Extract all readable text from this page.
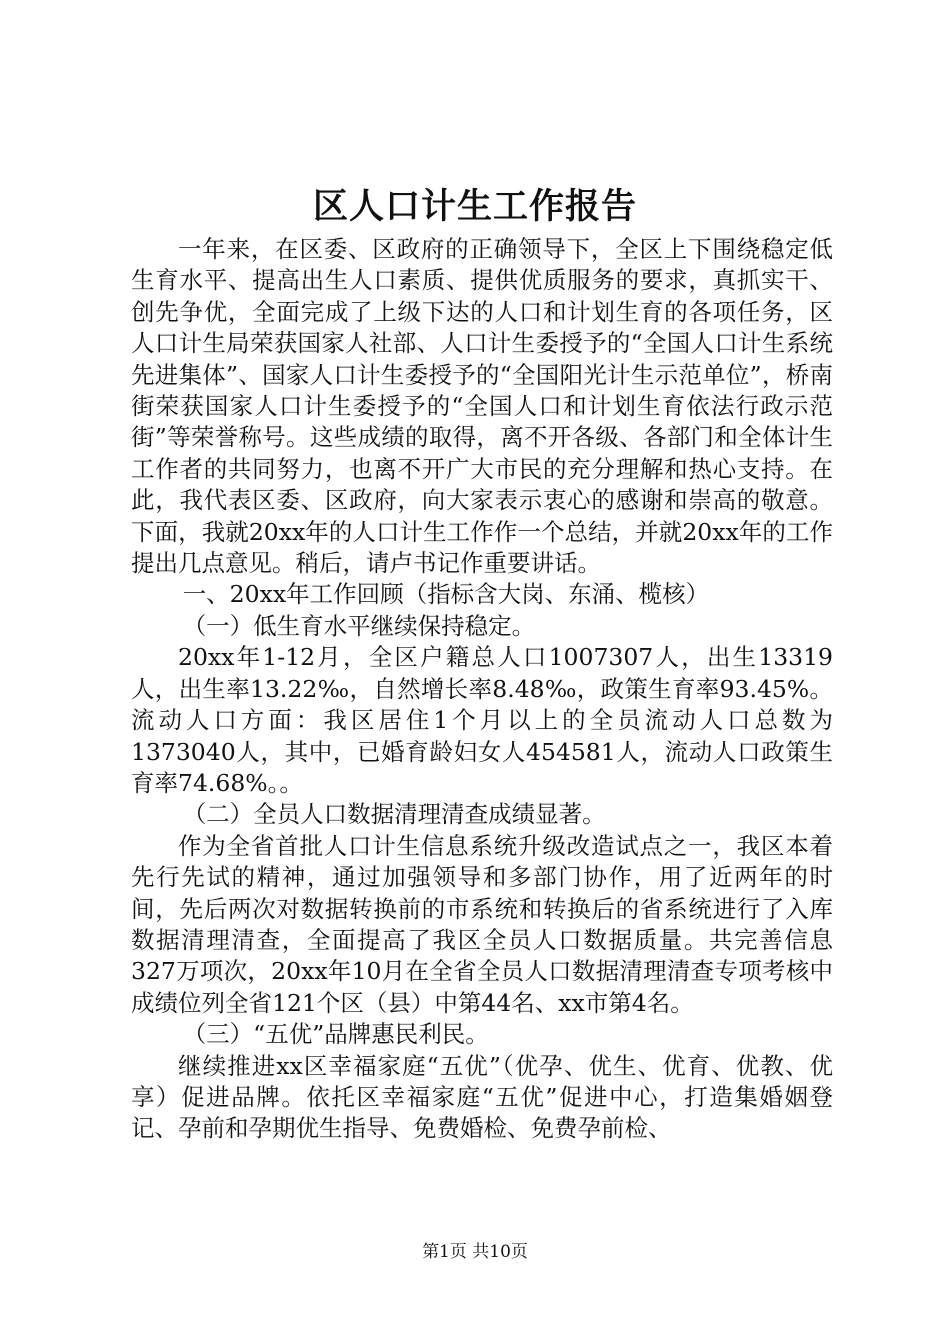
区人口计生工作报告

一年来，在区委、区政府的正确领导下，全区上下围绕稳定低生育水平、提高出生人口素质、提供优质服务的要求，真抓实干、创先争优，全面完成了上级下达的人口和计划生育的各项任务，区人口计生局荣获国家人社部、人口计生委授予的“全国人口计生系统先进集体”、国家人口计生委授予的“全国阳光计生示范单位”，桥南街荣获国家人口计生委授予的“全国人口和计划生育依法行政示范街”等荣誉称号。这些成绩的取得，离不开各级、各部门和全体计生工作者的共同努力，也离不开广大市民的充分理解和热心支持。在此，我代表区委、区政府，向大家表示衷心的感谢和崇高的敬意。下面，我就20xx年的人口计生工作作一个总结，并就20xx年的工作提出几点意见。稍后，请卢书记作重要讲话。

一、20xx年工作回顾（指标含大岗、东涌、榄核）

（一）低生育水平继续保持稳定。

20xx年1-12月，全区户籍总人口1007307人，出生13319人，出生率13.22‰，自然增长率8.48‰，政策生育率93.45%。流动人口方面：我区居住1个月以上的全员流动人口总数为1373040人，其中，已婚育龄妇女人454581人，流动人口政策生育率74.68%。。

（二）全员人口数据清理清查成绩显著。

作为全省首批人口计生信息系统升级改造试点之一，我区本着先行先试的精神，通过加强领导和多部门协作，用了近两年的时间，先后两次对数据转换前的市系统和转换后的省系统进行了入库数据清理清查，全面提高了我区全员人口数据质量。共完善信息327万项次，20xx年10月在全省全员人口数据清理清查专项考核中成绩位列全省121个区（县）中第44名、xx市第4名。

（三）“五优”品牌惠民利民。

继续推进xx区幸福家庭“五优”（优孕、优生、优育、优教、优享）促进品牌。依托区幸福家庭“五优”促进中心，打造集婚姻登记、孕前和孕期优生指导、免费婚检、免费孕前检、

第1页 共10页
